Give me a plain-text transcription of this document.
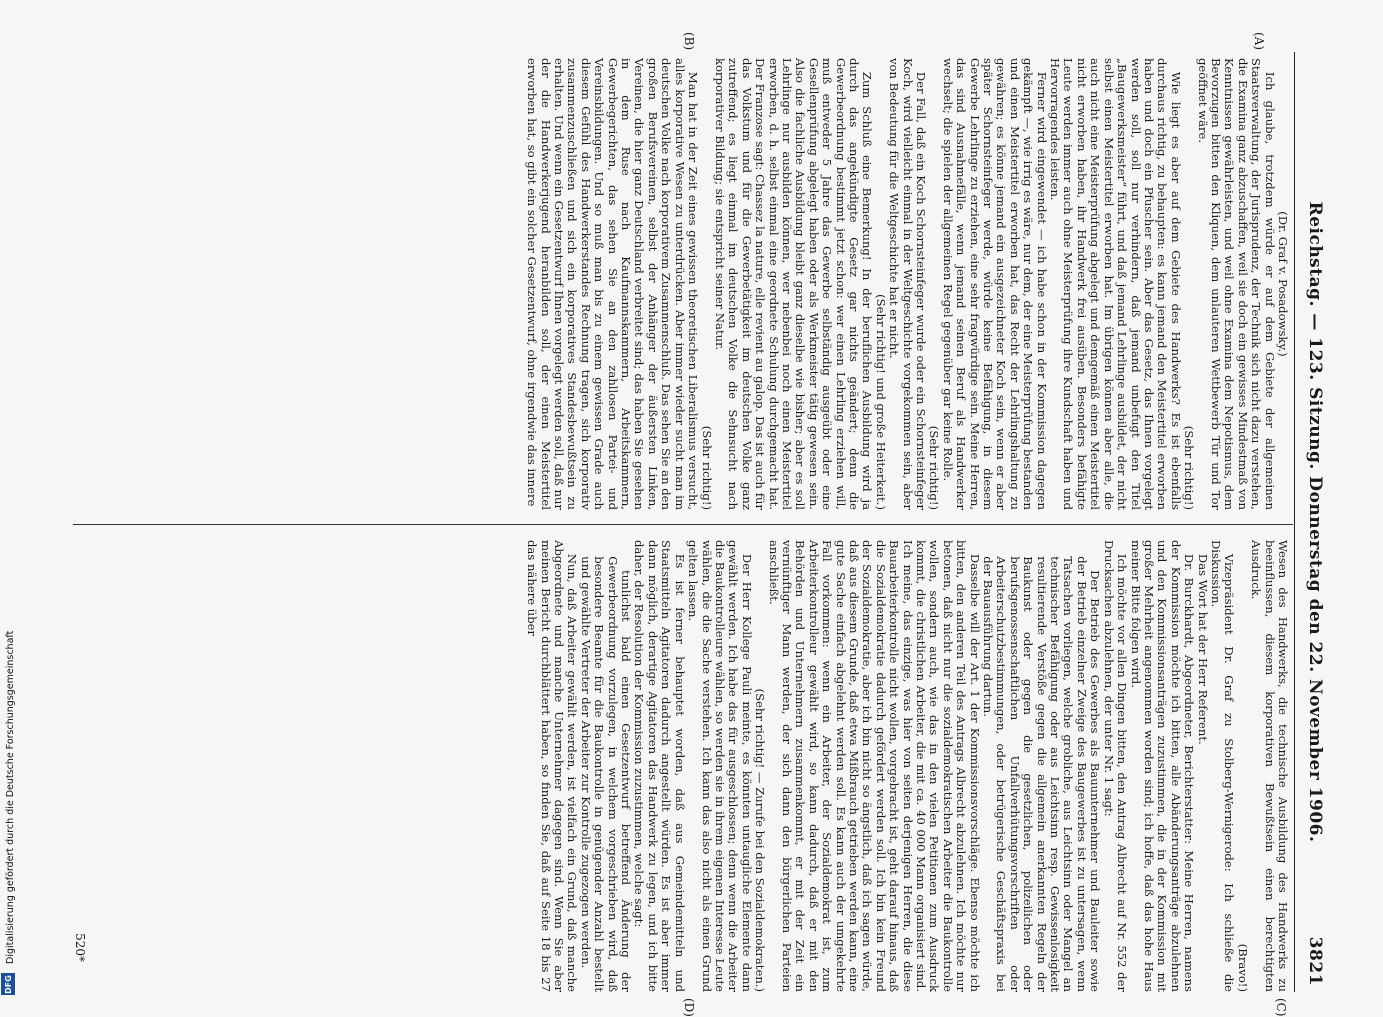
Reichstag. — 123. Sitzung. Donnerstag den 22. November 1906.
3821
(A)
(B)
(C)
(D)

(Dr. Graf v. Posadowsky.)

Ich glaube, trotzdem würde er auf dem Gebiete der allgemeinen Staatsverwaltung, der Jurisprudenz, der Technik sich nicht dazu verstehen, die Examina ganz abzuschaffen, weil sie doch ein gewisses Mindestmaß von Kenntnissen gewährleisten, und weil ohne Examina dem Nepotismus, dem Bevorzugen bitten den Kliquen, dem unlauteren Wettbewerb Tür und Tor geöffnet wäre.

(Sehr richtig!)

Wie liegt es aber auf dem Gebiete des Handwerks? Es ist ebenfalls durchaus richtig, zu behaupten: es kann jemand den Meistertitel erworben haben und doch ein Pfuscher sein. Aber das Gesetz, das Ihnen vorgelegt werden soll, soll nur verhindern, daß jemand unbefugt den Titel „Baugewerksmeister“ führt, und daß jemand Lehrlinge ausbildet, der nicht selbst einen Meistertitel erworben hat. Im übrigen können aber alle, die auch nicht eine Meisterprüfung abgelegt und demgemäß einen Meistertitel nicht erworben haben, ihr Handwerk frei ausüben. Besonders befähigte Leute werden immer auch ohne Meisterprüfung ihre Kundschaft haben und Hervorragendes leisten.

Ferner wird eingewendet — ich habe schon in der Kommission dagegen gekämpft —, wie irrig es wäre, nur dem, der eine Meisterprüfung bestanden und einen Meistertitel erworben hat, das Recht der Lehrlingshaltung zu gewähren; es könne jemand ein ausgezeichneter Koch sein, wenn er aber später Schornsteinfeger werde, würde keine Befähigung, in diesem Gewerbe Lehrlinge zu erziehen, eine sehr fragwürdige sein. Meine Herren, das sind Ausnahmefälle, wenn jemand seinen Beruf als Handwerker wechselt; die spielen der allgemeinen Regel gegenüber gar keine Rolle.

(Sehr richtig!)

Der Fall, daß ein Koch Schornsteinfeger wurde oder ein Schornsteinfeger Koch, wird vielleicht einmal in der Weltgeschichte vorgekommen sein, aber von Bedeutung für die Weltgeschichte hat er nicht.

(Sehr richtig! und große Heiterkeit.)

Zum Schluß eine Bemerkung! In der beruflichen Ausbildung wird ja durch das angekündigte Gesetz gar nichts geändert; denn die Gewerbeordnung bestimmt jetzt schon: wer einen Lehrling erziehen will, muß entweder 5 Jahre das Gewerbe selbständig ausgeübt oder eine Gesellenprüfung abgelegt haben oder als Werkmeister tätig gewesen sein. Also die fachliche Ausbildung bleibt ganz dieselbe wie bisher; aber es soll Lehrlinge nur ausbilden können, wer nebenbei noch einen Meistertitel erworben, d. h. selbst einmal eine geordnete Schulung durchgemacht hat. Der Franzose sagt: Chassez la nature, elle revient au galop. Das ist auch für das Volkstum und für die Gewerbetätigkeit im deutschen Volke ganz zutreffend; es liegt einmal im deutschen Volke die Sehnsucht nach korporativer Bildung; sie entspricht seiner Natur.

(Sehr richtig!)

Man hat in der Zeit eines gewissen theoretischen Liberalismus versucht, alles korporative Wesen zu unterdrücken. Aber immer wieder sucht man im deutschen Volke nach korporativem Zusammenschluß. Das sehen Sie an den großen Berufsvereinen, selbst der Anhänger der äußersten Linken, Vereinen, die hier ganz Deutschland verbreitet sind; das haben Sie gesehen in dem Ruse nach Kaufmannskammern, Arbeitskammern, Gewerbegerichten, das sehen Sie an den zahllosen Partei- und Vereinsbildungen. Und so muß man bis zu einem gewissen Grade auch diesem Gefühl des Handwerkerstandes Rechnung tragen, sich korporativ zusammenzuschließen und sich ein korporatives Standesbewußtsein zu erhalten. Und wenn ein Gesetzentwurf Ihnen vorgelegt werden soll, daß nur der die Handwerkerjugend heranbilden soll, der einen Meistertitel erworben hat, so gibt ein solcher Gesetzentwurf, ohne irgendwie das innere

Wesen des Handwerks, die technische Ausbildung des Handwerks zu beeinflussen, diesem korporativen Bewußtsein einen berechtigten Ausdruck.

(Bravo!)

Vizepräsident Dr. Graf zu Stolberg-Wernigerode: Ich schließe die Diskussion.

Das Wort hat der Herr Referent.

Dr. Burckhardt, Abgeordneter, Berichterstatter: Meine Herren, namens der Kommission möchte ich bitten, alle Abänderungsanträge abzulehnen und den Kommissionsanträgen zuzustimmen, die in der Kommission mit großer Mehrheit angenommen worden sind; ich hoffe, daß das hohe Haus meiner Bitte folgen wird.

Ich möchte vor allen Dingen bitten, den Antrag Albrecht auf Nr. 552 der Drucksachen abzulehnen, der unter Nr. 1 sagt:

Der Betrieb des Gewerbes als Bauunternehmer und Bauleiter sowie der Betrieb einzelner Zweige des Baugewerbes ist zu untersagen, wenn Tatsachen vorliegen, welche grobliche, aus Leichtsinn oder Mangel an technischer Befähigung oder aus Leichtsinn resp. Gewissenlosigkeit resultierende Verstöße gegen die allgemein anerkannten Regeln der Baukunst oder gegen die gesetzlichen, polizeilichen oder berufsgenossenschaftlichen Unfallverhütungsvorschriften oder Arbeiterschutzbestimmungen, oder betrügerische Geschäftspraxis bei der Bauausführung dartun.

Dasselbe will der Art. 1 der Kommissionsvorschläge. Ebenso möchte ich bitten, den anderen Teil des Antrags Albrecht abzulehnen. Ich möchte nur betonen, daß nicht nur die sozialdemokratischen Arbeiter die Baukontrolle wollen, sondern auch, wie das in den vielen Petitionen zum Ausdruck kommt, die christlichen Arbeiter, die mit ca. 40 000 Mann organisiert sind. Ich meine, das einzige, was hier von seiten derjenigen Herren, die diese Bauarbeiterkontrolle nicht wollen, vorgebracht ist, geht darauf hinaus, daß die Sozialdemokratie dadurch gefördert werden soll. Ich bin kein Freund der Sozialdemokratie, aber ich bin nicht so ängstlich, daß ich sagen würde, daß aus diesem Grunde, daß etwa Mißbrauch getrieben werden kann, eine gute Sache einfach abgelehnt werden soll. Es kann auch der umgekehrte Fall vorkommen: wenn ein Arbeiter, der Sozialdemokrat ist, zum Arbeiterkontrolleur gewählt wird, so kann dadurch, daß er mit den Behörden und Unternehmern zusammenkommt, er mit der Zeit ein vernünftiger Mann werden, der sich dann den bürgerlichen Parteien anschließt.

(Sehr richtig! — Zurufe bei den Sozialdemokraten.)

Der Herr Kollege Pauli meinte, es könnten untaugliche Elemente dann gewählt werden. Ich habe das für ausgeschlossen; denn wenn die Arbeiter die Baukontrolleure wählen, so werden sie in ihrem eigenen Interesse Leute wählen, die die Sache verstehen. Ich kann das also nicht als einen Grund gelten lassen.

Es ist ferner behauptet worden, daß aus Gemeindemitteln und Staatsmitteln Agitatoren dadurch angestellt würden. Es ist aber immer dann möglich, derartige Agitatoren das Handwerk zu legen, und ich bitte daher, der Resolution der Kommission zuzustimmen, welche sagt:

tunlichst bald einen Gesetzentwurf betreffend Änderung der Gewerbeordnung vorzulegen, in welchem vorgeschrieben wird, daß besondere Beamte für die Baukontrolle in genügender Anzahl bestellt und gewählte Vertreter der Arbeiter zur Kontrolle zugezogen werden.

Nun, daß Arbeiter gewählt werden, ist vielfach ein Grund, daß manche Abgeordnete und manche Unternehmer dagegen sind. Wenn Sie aber meinen Bericht durchblättert haben, so finden Sie, daß auf Seite 18 bis 27 das nähere über

520*
Digitalisierung gefördert durch die Deutsche Forschungsgemeinschaft
DFG
